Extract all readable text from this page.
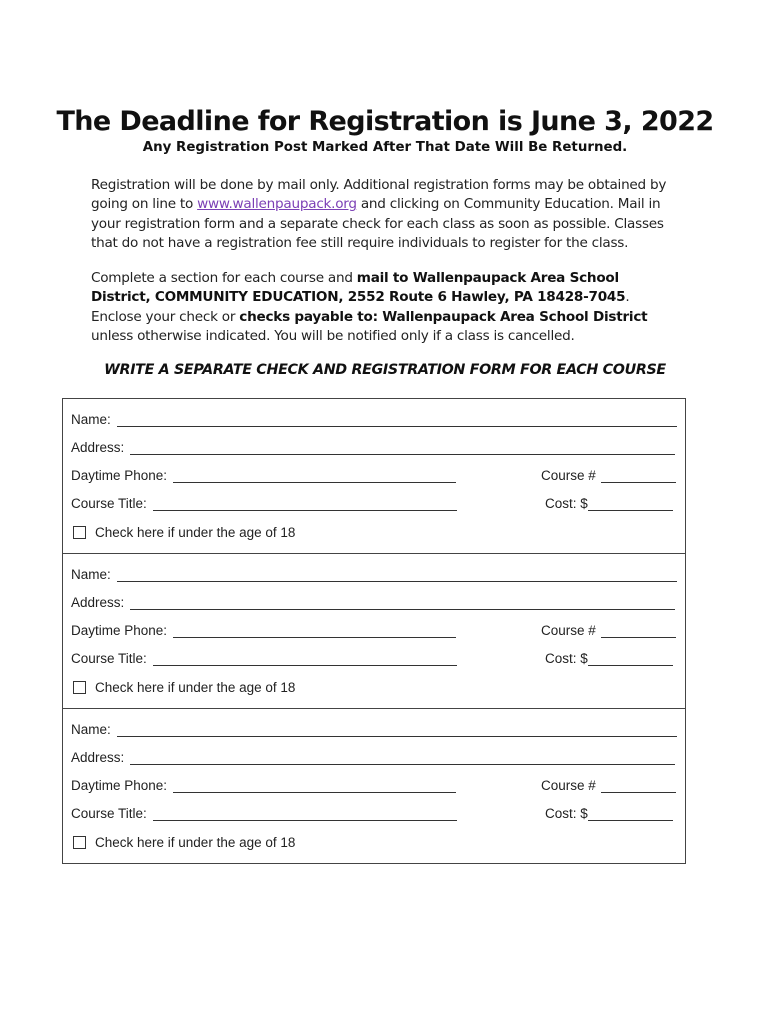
The Deadline for Registration is June 3, 2022
Any Registration Post Marked After That Date Will Be Returned.
Registration will be done by mail only. Additional registration forms may be obtained by
going on line to www.wallenpaupack.org and clicking on Community Education. Mail in
your registration form and a separate check for each class as soon as possible. Classes
that do not have a registration fee still require individuals to register for the class.
Complete a section for each course and mail to Wallenpaupack Area School
District, COMMUNITY EDUCATION, 2552 Route 6 Hawley, PA 18428-7045.
Enclose your check or checks payable to: Wallenpaupack Area School District
unless otherwise indicated. You will be notified only if a class is cancelled.
WRITE A SEPARATE CHECK AND REGISTRATION FORM FOR EACH COURSE
Name:
Address:
Daytime Phone:	Course #
Course Title:	Cost: $
Check here if under the age of 18
Name:
Address:
Daytime Phone:	Course #
Course Title:	Cost: $
Check here if under the age of 18
Name:
Address:
Daytime Phone:	Course #
Course Title:	Cost: $
Check here if under the age of 18
